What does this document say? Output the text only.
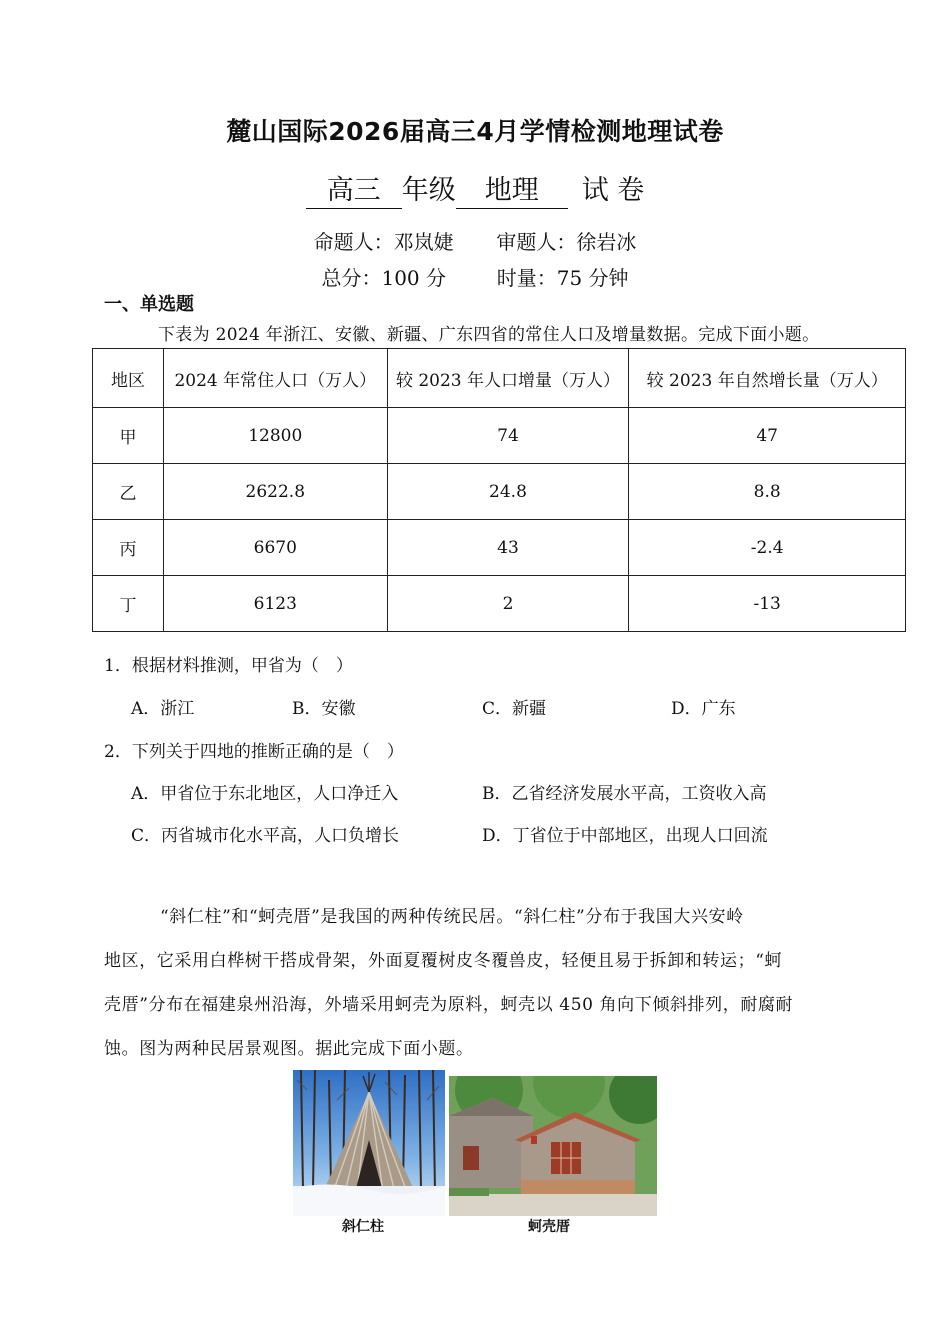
麓山国际2026届高三4月学情检测地理试卷
高三 年级 地理 试 卷
命题人：邓岚婕 审题人：徐岩冰
总分：100 分	时量：75 分钟
一、单选题
下表为 2024 年浙江、安徽、新疆、广东四省的常住人口及增量数据。完成下面小题。
地区	2024 年常住人口（万人）	较 2023 年人口增量（万人）	较 2023 年自然增长量（万人）
甲	12800	74	47
乙	2622.8	24.8	8.8
丙	6670	43	-2.4
丁	6123	2	-13
1．根据材料推测，甲省为（　）
A．浙江	B．安徽	C．新疆	D．广东
2．下列关于四地的推断正确的是（　）
A．甲省位于东北地区，人口净迁入	B．乙省经济发展水平高，工资收入高
C．丙省城市化水平高，人口负增长	D．丁省位于中部地区，出现人口回流
“斜仁柱”和“蚵壳厝”是我国的两种传统民居。“斜仁柱”分布于我国大兴安岭
地区，它采用白桦树干搭成骨架，外面夏覆树皮冬覆兽皮，轻便且易于拆卸和转运；“蚵
壳厝”分布在福建泉州沿海，外墙采用蚵壳为原料，蚵壳以 450 角向下倾斜排列，耐腐耐
蚀。图为两种民居景观图。据此完成下面小题。
斜仁柱	蚵壳厝
